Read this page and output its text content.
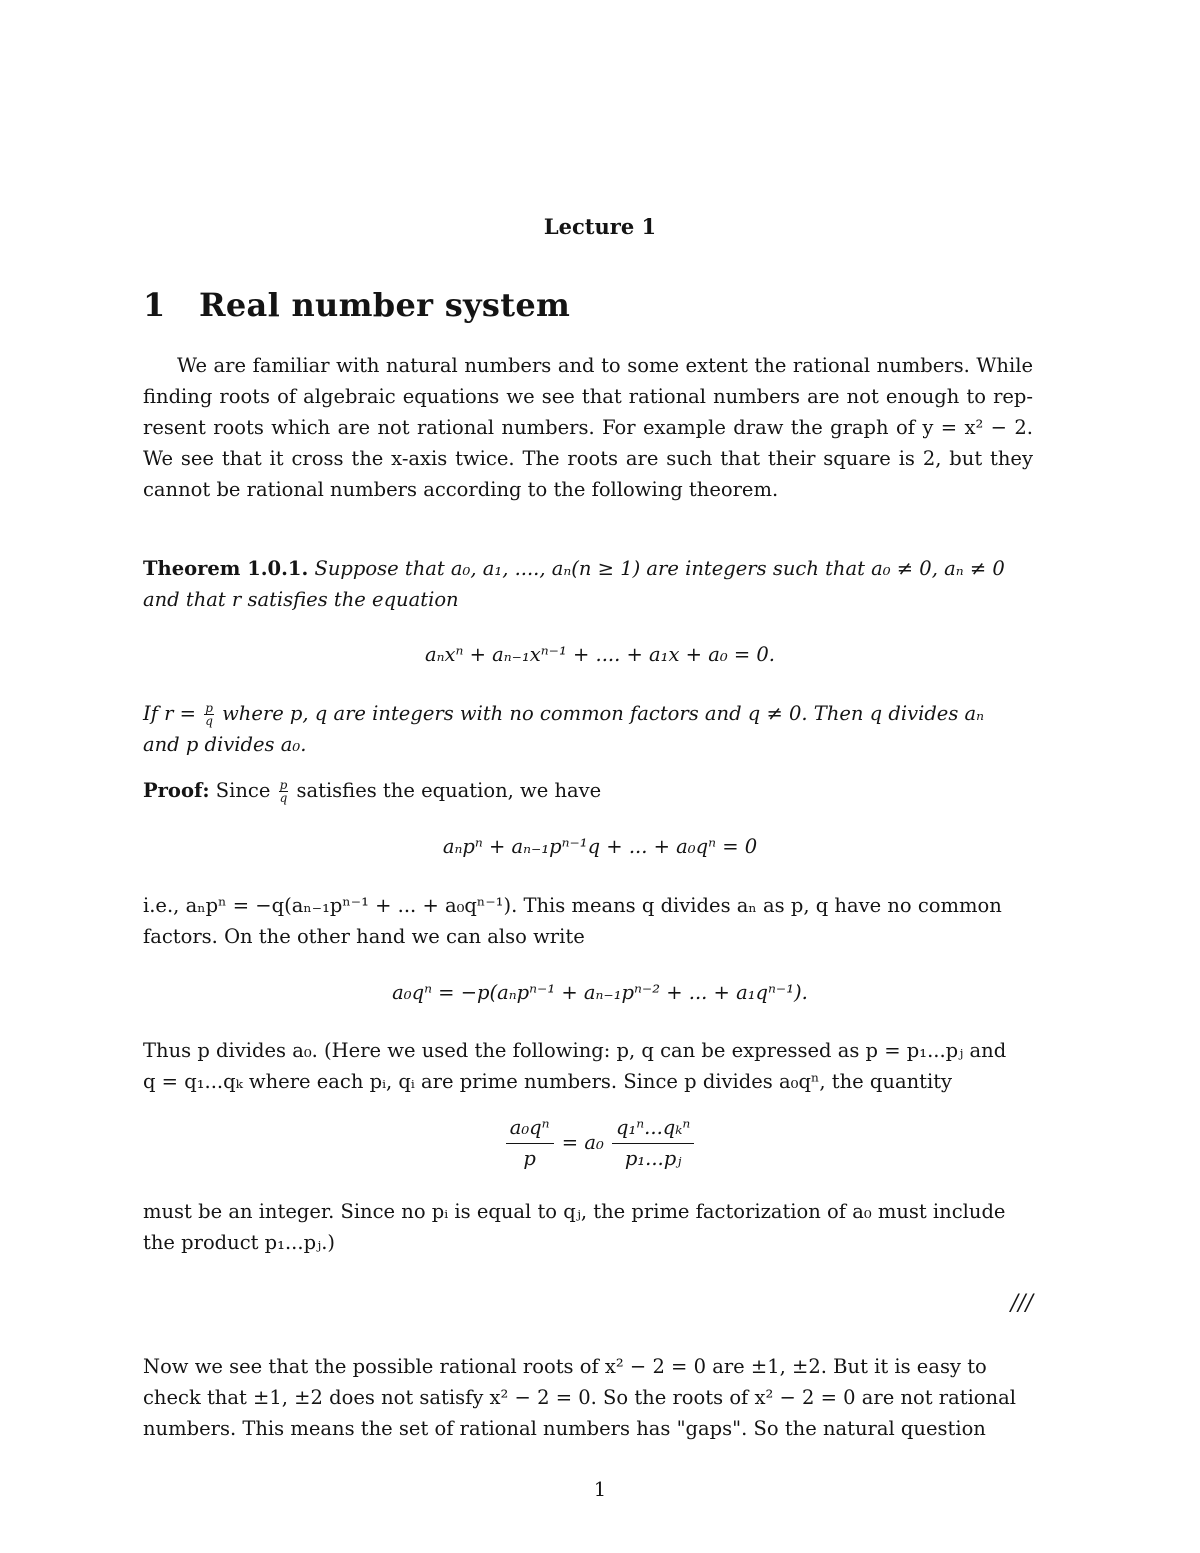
Lecture 1
1 Real number system
We are familiar with natural numbers and to some extent the rational numbers. While
finding roots of algebraic equations we see that rational numbers are not enough to rep-
resent roots which are not rational numbers. For example draw the graph of y = x² − 2.
We see that it cross the x-axis twice. The roots are such that their square is 2, but they
cannot be rational numbers according to the following theorem.
Theorem 1.0.1. Suppose that a₀, a₁, ...., aₙ(n ≥ 1) are integers such that a₀ ≠ 0, aₙ ≠ 0
and that r satisfies the equation
aₙxⁿ + aₙ₋₁xⁿ⁻¹ + .... + a₁x + a₀ = 0.
If $r = \frac{p}{q}$ where p, q are integers with no common factors and q ≠ 0. Then q divides aₙ
and p divides a₀.
Proof: Since $\frac{p}{q}$ satisfies the equation, we have
aₙpⁿ + aₙ₋₁pⁿ⁻¹q + ... + a₀qⁿ = 0
i.e., aₙpⁿ = −q(aₙ₋₁pⁿ⁻¹ + ... + a₀qⁿ⁻¹). This means q divides aₙ as p, q have no common
factors. On the other hand we can also write
a₀qⁿ = −p(aₙpⁿ⁻¹ + aₙ₋₁pⁿ⁻² + ... + a₁qⁿ⁻¹).
Thus p divides a₀. (Here we used the following: p, q can be expressed as p = p₁...pⱼ and
q = q₁...qₖ where each pᵢ, qᵢ are prime numbers. Since p divides a₀qⁿ, the quantity
$\frac{\text{a₀qⁿ}}{p} = a_0 \frac{\text{q₁ⁿ...qₖⁿ}}{\text{p₁...pⱼ}}$
must be an integer. Since no pᵢ is equal to qⱼ, the prime factorization of a₀ must include
the product p₁...pⱼ.)
///
Now we see that the possible rational roots of x² − 2 = 0 are ±1, ±2. But it is easy to
check that ±1, ±2 does not satisfy x² − 2 = 0. So the roots of x² − 2 = 0 are not rational
numbers. This means the set of rational numbers has "gaps". So the natural question
1
